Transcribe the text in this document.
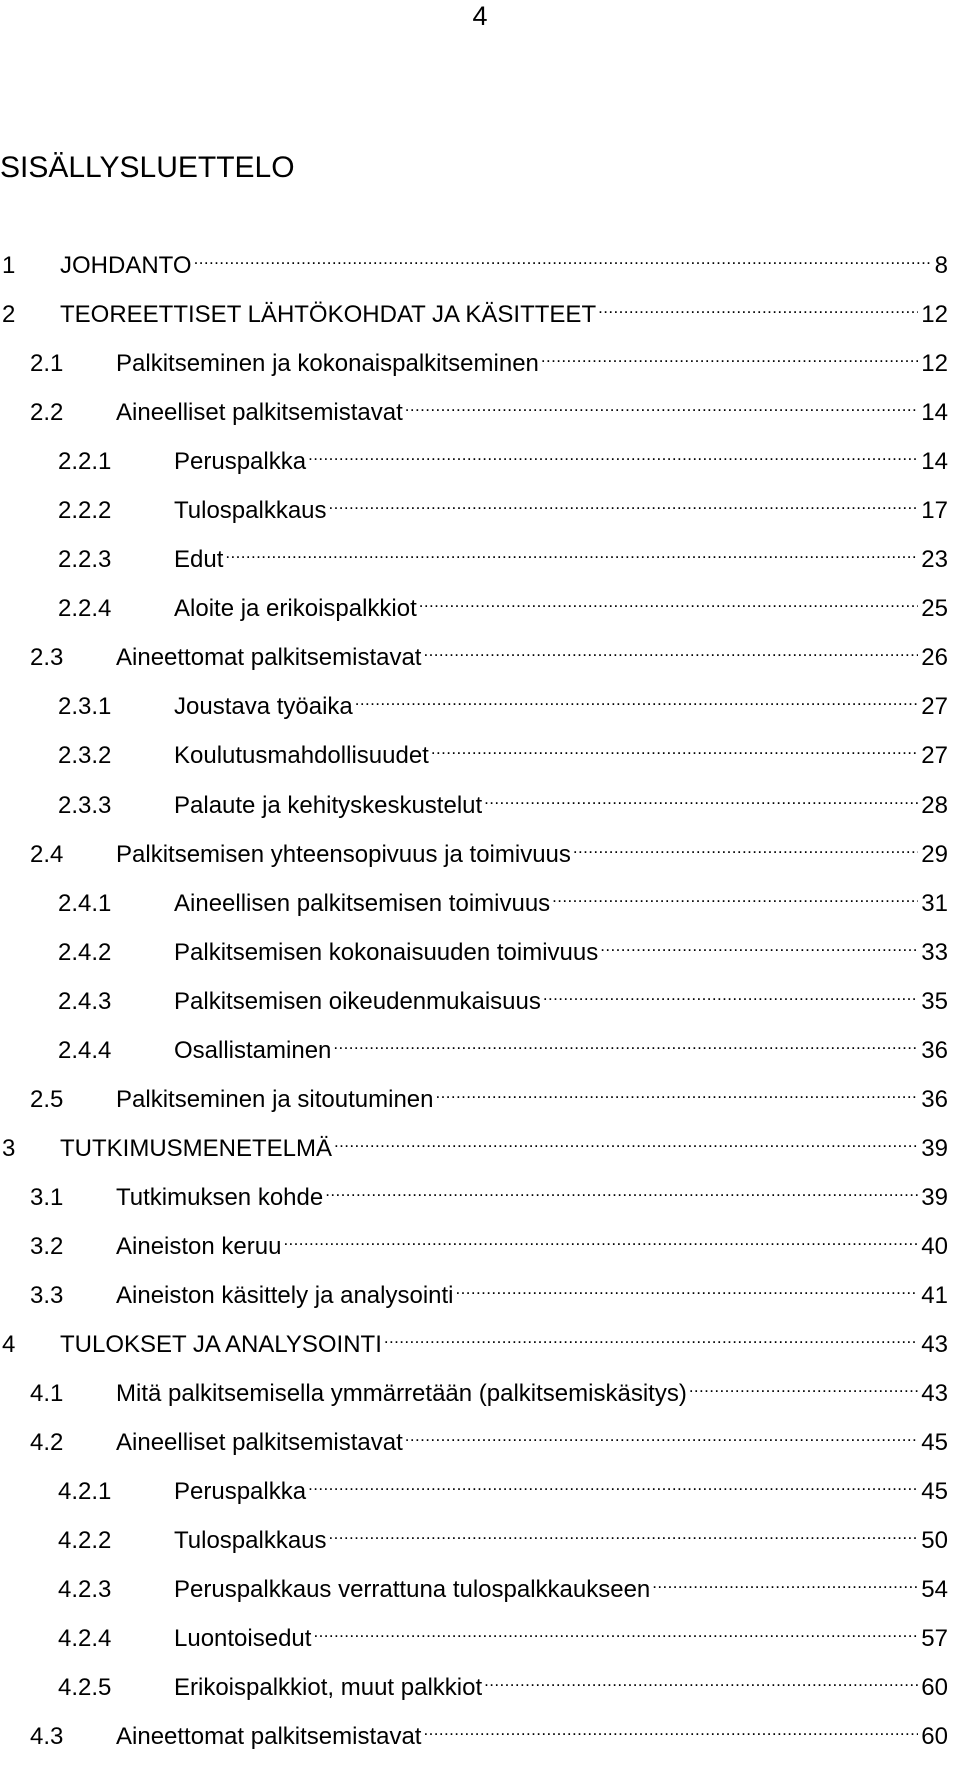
4
SISÄLLYSLUETTELO
1	JOHDANTO .....	8
2	TEOREETTISET LÄHTÖKOHDAT JA KÄSITTEET .....	12
2.1	Palkitseminen ja kokonaispalkitseminen .....	12
2.2	Aineelliset palkitsemistavat .....	14
2.2.1	Peruspalkka .....	14
2.2.2	Tulospalkkaus .....	17
2.2.3	Edut .....	23
2.2.4	Aloite ja erikoispalkkiot .....	25
2.3	Aineettomat palkitsemistavat .....	26
2.3.1	Joustava työaika .....	27
2.3.2	Koulutusmahdollisuudet .....	27
2.3.3	Palaute ja kehityskeskustelut .....	28
2.4	Palkitsemisen yhteensopivuus ja toimivuus .....	29
2.4.1	Aineellisen palkitsemisen toimivuus .....	31
2.4.2	Palkitsemisen kokonaisuuden toimivuus .....	33
2.4.3	Palkitsemisen oikeudenmukaisuus .....	35
2.4.4	Osallistaminen .....	36
2.5	Palkitseminen ja sitoutuminen .....	36
3	TUTKIMUSMENETELMÄ .....	39
3.1	Tutkimuksen kohde .....	39
3.2	Aineiston keruu .....	40
3.3	Aineiston käsittely ja analysointi .....	41
4	TULOKSET JA ANALYSOINTI .....	43
4.1	Mitä palkitsemisella ymmärretään (palkitsemiskäsitys) .....	43
4.2	Aineelliset palkitsemistavat .....	45
4.2.1	Peruspalkka .....	45
4.2.2	Tulospalkkaus .....	50
4.2.3	Peruspalkkaus verrattuna tulospalkkaukseen .....	54
4.2.4	Luontoisedut .....	57
4.2.5	Erikoispalkkiot, muut palkkiot .....	60
4.3	Aineettomat palkitsemistavat .....	60
